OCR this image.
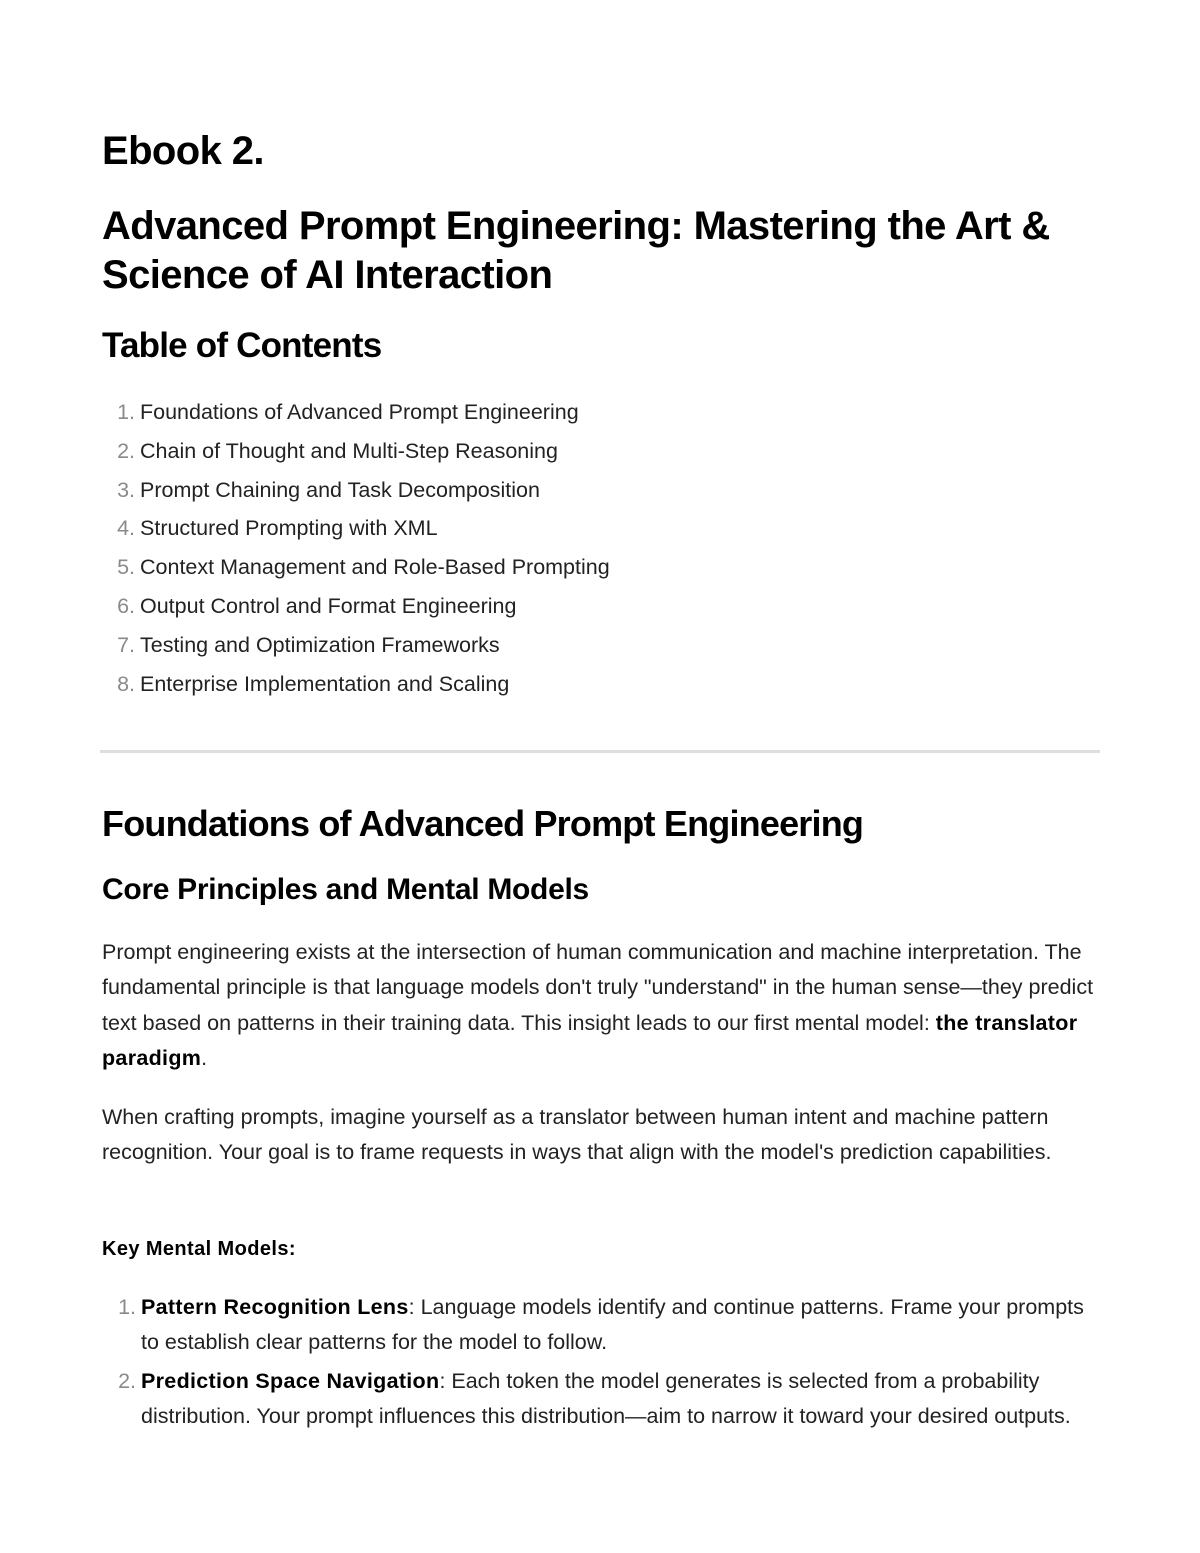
Ebook 2.
Advanced Prompt Engineering: Mastering the Art & Science of AI Interaction
Table of Contents
1. Foundations of Advanced Prompt Engineering
2. Chain of Thought and Multi-Step Reasoning
3. Prompt Chaining and Task Decomposition
4. Structured Prompting with XML
5. Context Management and Role-Based Prompting
6. Output Control and Format Engineering
7. Testing and Optimization Frameworks
8. Enterprise Implementation and Scaling
Foundations of Advanced Prompt Engineering
Core Principles and Mental Models

Prompt engineering exists at the intersection of human communication and machine interpretation. The fundamental principle is that language models don't truly "understand" in the human sense—they predict text based on patterns in their training data. This insight leads to our first mental model: the translator paradigm.

When crafting prompts, imagine yourself as a translator between human intent and machine pattern recognition. Your goal is to frame requests in ways that align with the model's prediction capabilities.

Key Mental Models:

1. Pattern Recognition Lens: Language models identify and continue patterns. Frame your prompts to establish clear patterns for the model to follow.
2. Prediction Space Navigation: Each token the model generates is selected from a probability distribution. Your prompt influences this distribution—aim to narrow it toward your desired outputs.
